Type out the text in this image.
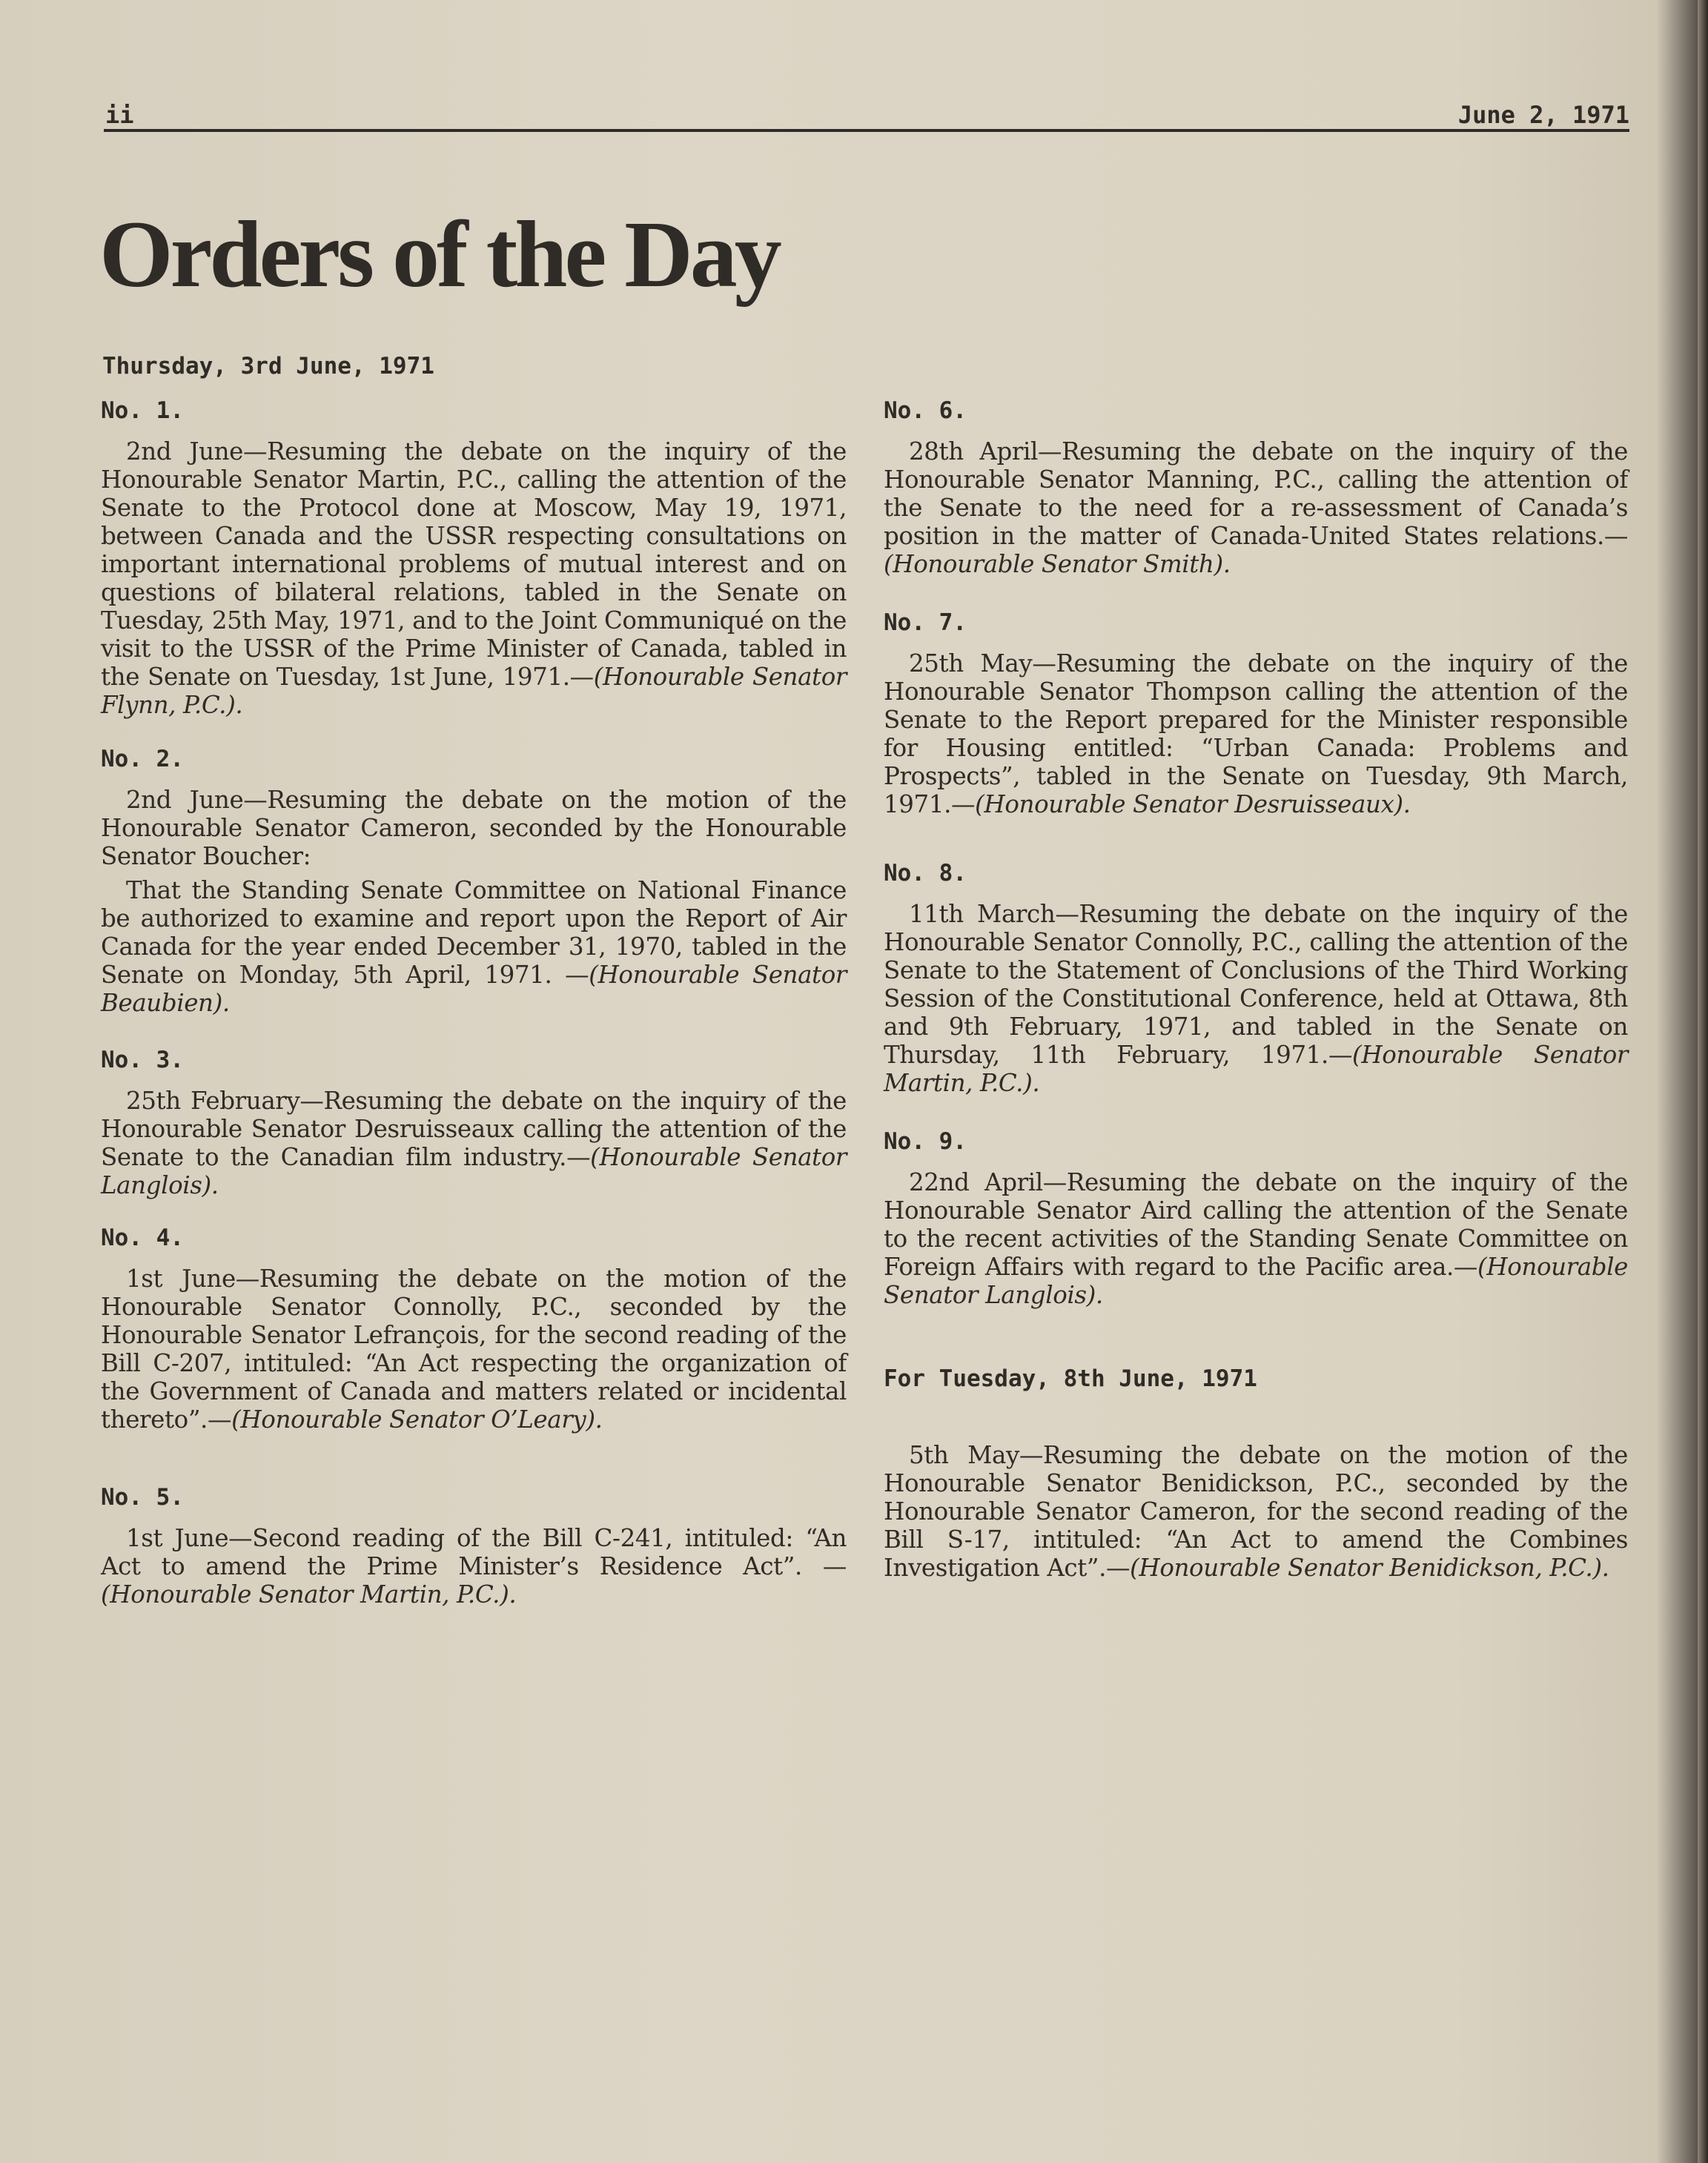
ii	June 2, 1971
Orders of the Day
Thursday, 3rd June, 1971
No. 1.

2nd June—Resuming the debate on the inquiry of the Honourable Senator Martin, P.C., calling the attention of the Senate to the Protocol done at Moscow, May 19, 1971, between Canada and the USSR respecting consultations on important international problems of mutual interest and on questions of bilateral relations, tabled in the Senate on Tuesday, 25th May, 1971, and to the Joint Communiqué on the visit to the USSR of the Prime Minister of Canada, tabled in the Senate on Tuesday, 1st June, 1971.—(Honourable Senator Flynn, P.C.).

No. 2.

2nd June—Resuming the debate on the motion of the Honourable Senator Cameron, seconded by the Honourable Senator Boucher:

That the Standing Senate Committee on National Finance be authorized to examine and report upon the Report of Air Canada for the year ended December 31, 1970, tabled in the Senate on Monday, 5th April, 1971. —(Honourable Senator Beaubien).

No. 3.

25th February—Resuming the debate on the inquiry of the Honourable Senator Desruisseaux calling the attention of the Senate to the Canadian film industry.—(Honourable Senator Langlois).

No. 4.

1st June—Resuming the debate on the motion of the Honourable Senator Connolly, P.C., seconded by the Honourable Senator Lefrançois, for the second reading of the Bill C-207, intituled: “An Act respecting the organization of the Government of Canada and matters related or incidental thereto”.—(Honourable Senator O’Leary).

No. 5.

1st June—Second reading of the Bill C-241, intituled: “An Act to amend the Prime Minister’s Residence Act”. —(Honourable Senator Martin, P.C.).

No. 6.

28th April—Resuming the debate on the inquiry of the Honourable Senator Manning, P.C., calling the attention of the Senate to the need for a re-assessment of Canada’s position in the matter of Canada-United States relations.—(Honourable Senator Smith).

No. 7.

25th May—Resuming the debate on the inquiry of the Honourable Senator Thompson calling the attention of the Senate to the Report prepared for the Minister responsible for Housing entitled: “Urban Canada: Problems and Prospects”, tabled in the Senate on Tuesday, 9th March, 1971.—(Honourable Senator Desruisseaux).

No. 8.

11th March—Resuming the debate on the inquiry of the Honourable Senator Connolly, P.C., calling the attention of the Senate to the Statement of Conclusions of the Third Working Session of the Constitutional Conference, held at Ottawa, 8th and 9th February, 1971, and tabled in the Senate on Thursday, 11th February, 1971.—(Honourable Senator Martin, P.C.).

No. 9.

22nd April—Resuming the debate on the inquiry of the Honourable Senator Aird calling the attention of the Senate to the recent activities of the Standing Senate Committee on Foreign Affairs with regard to the Pacific area.—(Honourable Senator Langlois).

For Tuesday, 8th June, 1971

5th May—Resuming the debate on the motion of the Honourable Senator Benidickson, P.C., seconded by the Honourable Senator Cameron, for the second reading of the Bill S-17, intituled: “An Act to amend the Combines Investigation Act”.—(Honourable Senator Benidickson, P.C.).
